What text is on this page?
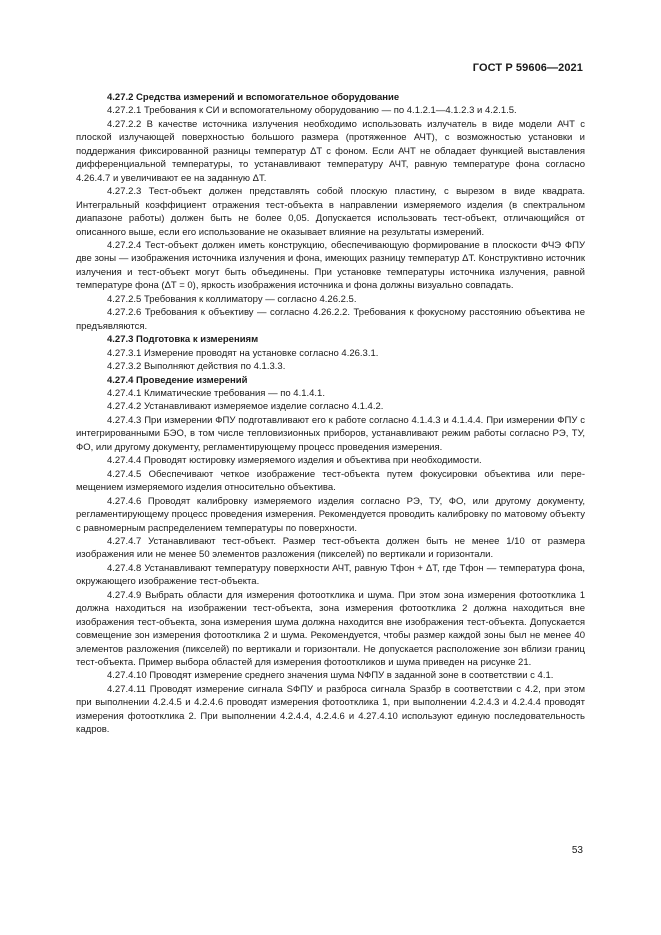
ГОСТ Р 59606—2021

4.27.2 Средства измерений и вспомогательное оборудование

4.27.2.1 Требования к СИ и вспомогательному оборудованию — по 4.1.2.1—4.1.2.3 и 4.2.1.5.

4.27.2.2 В качестве источника излучения необходимо использовать излучатель в виде модели АЧТ с плоской излучающей поверхностью большого размера (протяженное АЧТ), с возможностью установки и поддержания фиксированной разницы температур ΔT с фоном. Если АЧТ не обладает функцией выставления дифференциальной температуры, то устанавливают температуру АЧТ, равную температуре фона согласно 4.26.4.7 и увеличивают ее на заданную ΔT.

4.27.2.3 Тест-объект должен представлять собой плоскую пластину, с вырезом в виде квадрата. Интегральный коэффициент отражения тест-объекта в направлении измеряемого изделия (в спектральном диапазоне работы) должен быть не более 0,05. Допускается использовать тест-объект, отличающийся от описанного выше, если его использование не оказывает влияние на результаты измерений.

4.27.2.4 Тест-объект должен иметь конструкцию, обеспечивающую формирование в плоскости ФЧЭ ФПУ две зоны — изображения источника излучения и фона, имеющих разницу температур ΔT. Конструктивно источник излучения и тест-объект могут быть объединены. При установке температуры источника излучения, равной температуре фона (ΔT = 0), яркость изображения источника и фона должны визуально совпадать.

4.27.2.5 Требования к коллиматору — согласно 4.26.2.5.

4.27.2.6 Требования к объективу — согласно 4.26.2.2. Требования к фокусному расстоянию объектива не предъявляются.

4.27.3 Подготовка к измерениям

4.27.3.1 Измерение проводят на установке согласно 4.26.3.1.

4.27.3.2 Выполняют действия по 4.1.3.3.

4.27.4 Проведение измерений

4.27.4.1 Климатические требования — по 4.1.4.1.

4.27.4.2 Устанавливают измеряемое изделие согласно 4.1.4.2.

4.27.4.3 При измерении ФПУ подготавливают его к работе согласно 4.1.4.3 и 4.1.4.4. При измерении ФПУ с интегрированными БЭО, в том числе тепловизионных приборов, устанавливают режим работы согласно РЭ, ТУ, ФО, или другому документу, регламентирующему процесс проведения измерения.

4.27.4.4 Проводят юстировку измеряемого изделия и объектива при необходимости.

4.27.4.5 Обеспечивают четкое изображение тест-объекта путем фокусировки объектива или перемещением измеряемого изделия относительно объектива.

4.27.4.6 Проводят калибровку измеряемого изделия согласно РЭ, ТУ, ФО, или другому документу, регламентирующему процесс проведения измерения. Рекомендуется проводить калибровку по матовому объекту с равномерным распределением температуры по поверхности.

4.27.4.7 Устанавливают тест-объект. Размер тест-объекта должен быть не менее 1/10 от размера изображения или не менее 50 элементов разложения (пикселей) по вертикали и горизонтали.

4.27.4.8 Устанавливают температуру поверхности АЧТ, равную Tфон + ΔT, где Tфон — температура фона, окружающего изображение тест-объекта.

4.27.4.9 Выбрать области для измерения фотоотклика и шума. При этом зона измерения фотоотклика 1 должна находиться на изображении тест-объекта, зона измерения фотоотклика 2 должна находиться вне изображения тест-объекта, зона измерения шума должна находится вне изображения тест-объекта. Допускается совмещение зон измерения фотоотклика 2 и шума. Рекомендуется, чтобы размер каждой зоны был не менее 40 элементов разложения (пикселей) по вертикали и горизонтали. Не допускается расположение зон вблизи границ тест-объекта. Пример выбора областей для измерения фотооткликов и шума приведен на рисунке 21.

4.27.4.10 Проводят измерение среднего значения шума NФПУ в заданной зоне в соответствии с 4.1.

4.27.4.11 Проводят измерение сигнала SФПУ и разброса сигнала Sразбр в соответствии с 4.2, при этом при выполнении 4.2.4.5 и 4.2.4.6 проводят измерения фотоотклика 1, при выполнении 4.2.4.3 и 4.2.4.4 проводят измерения фотоотклика 2. При выполнении 4.2.4.4, 4.2.4.6 и 4.27.4.10 используют единую последовательность кадров.

53
